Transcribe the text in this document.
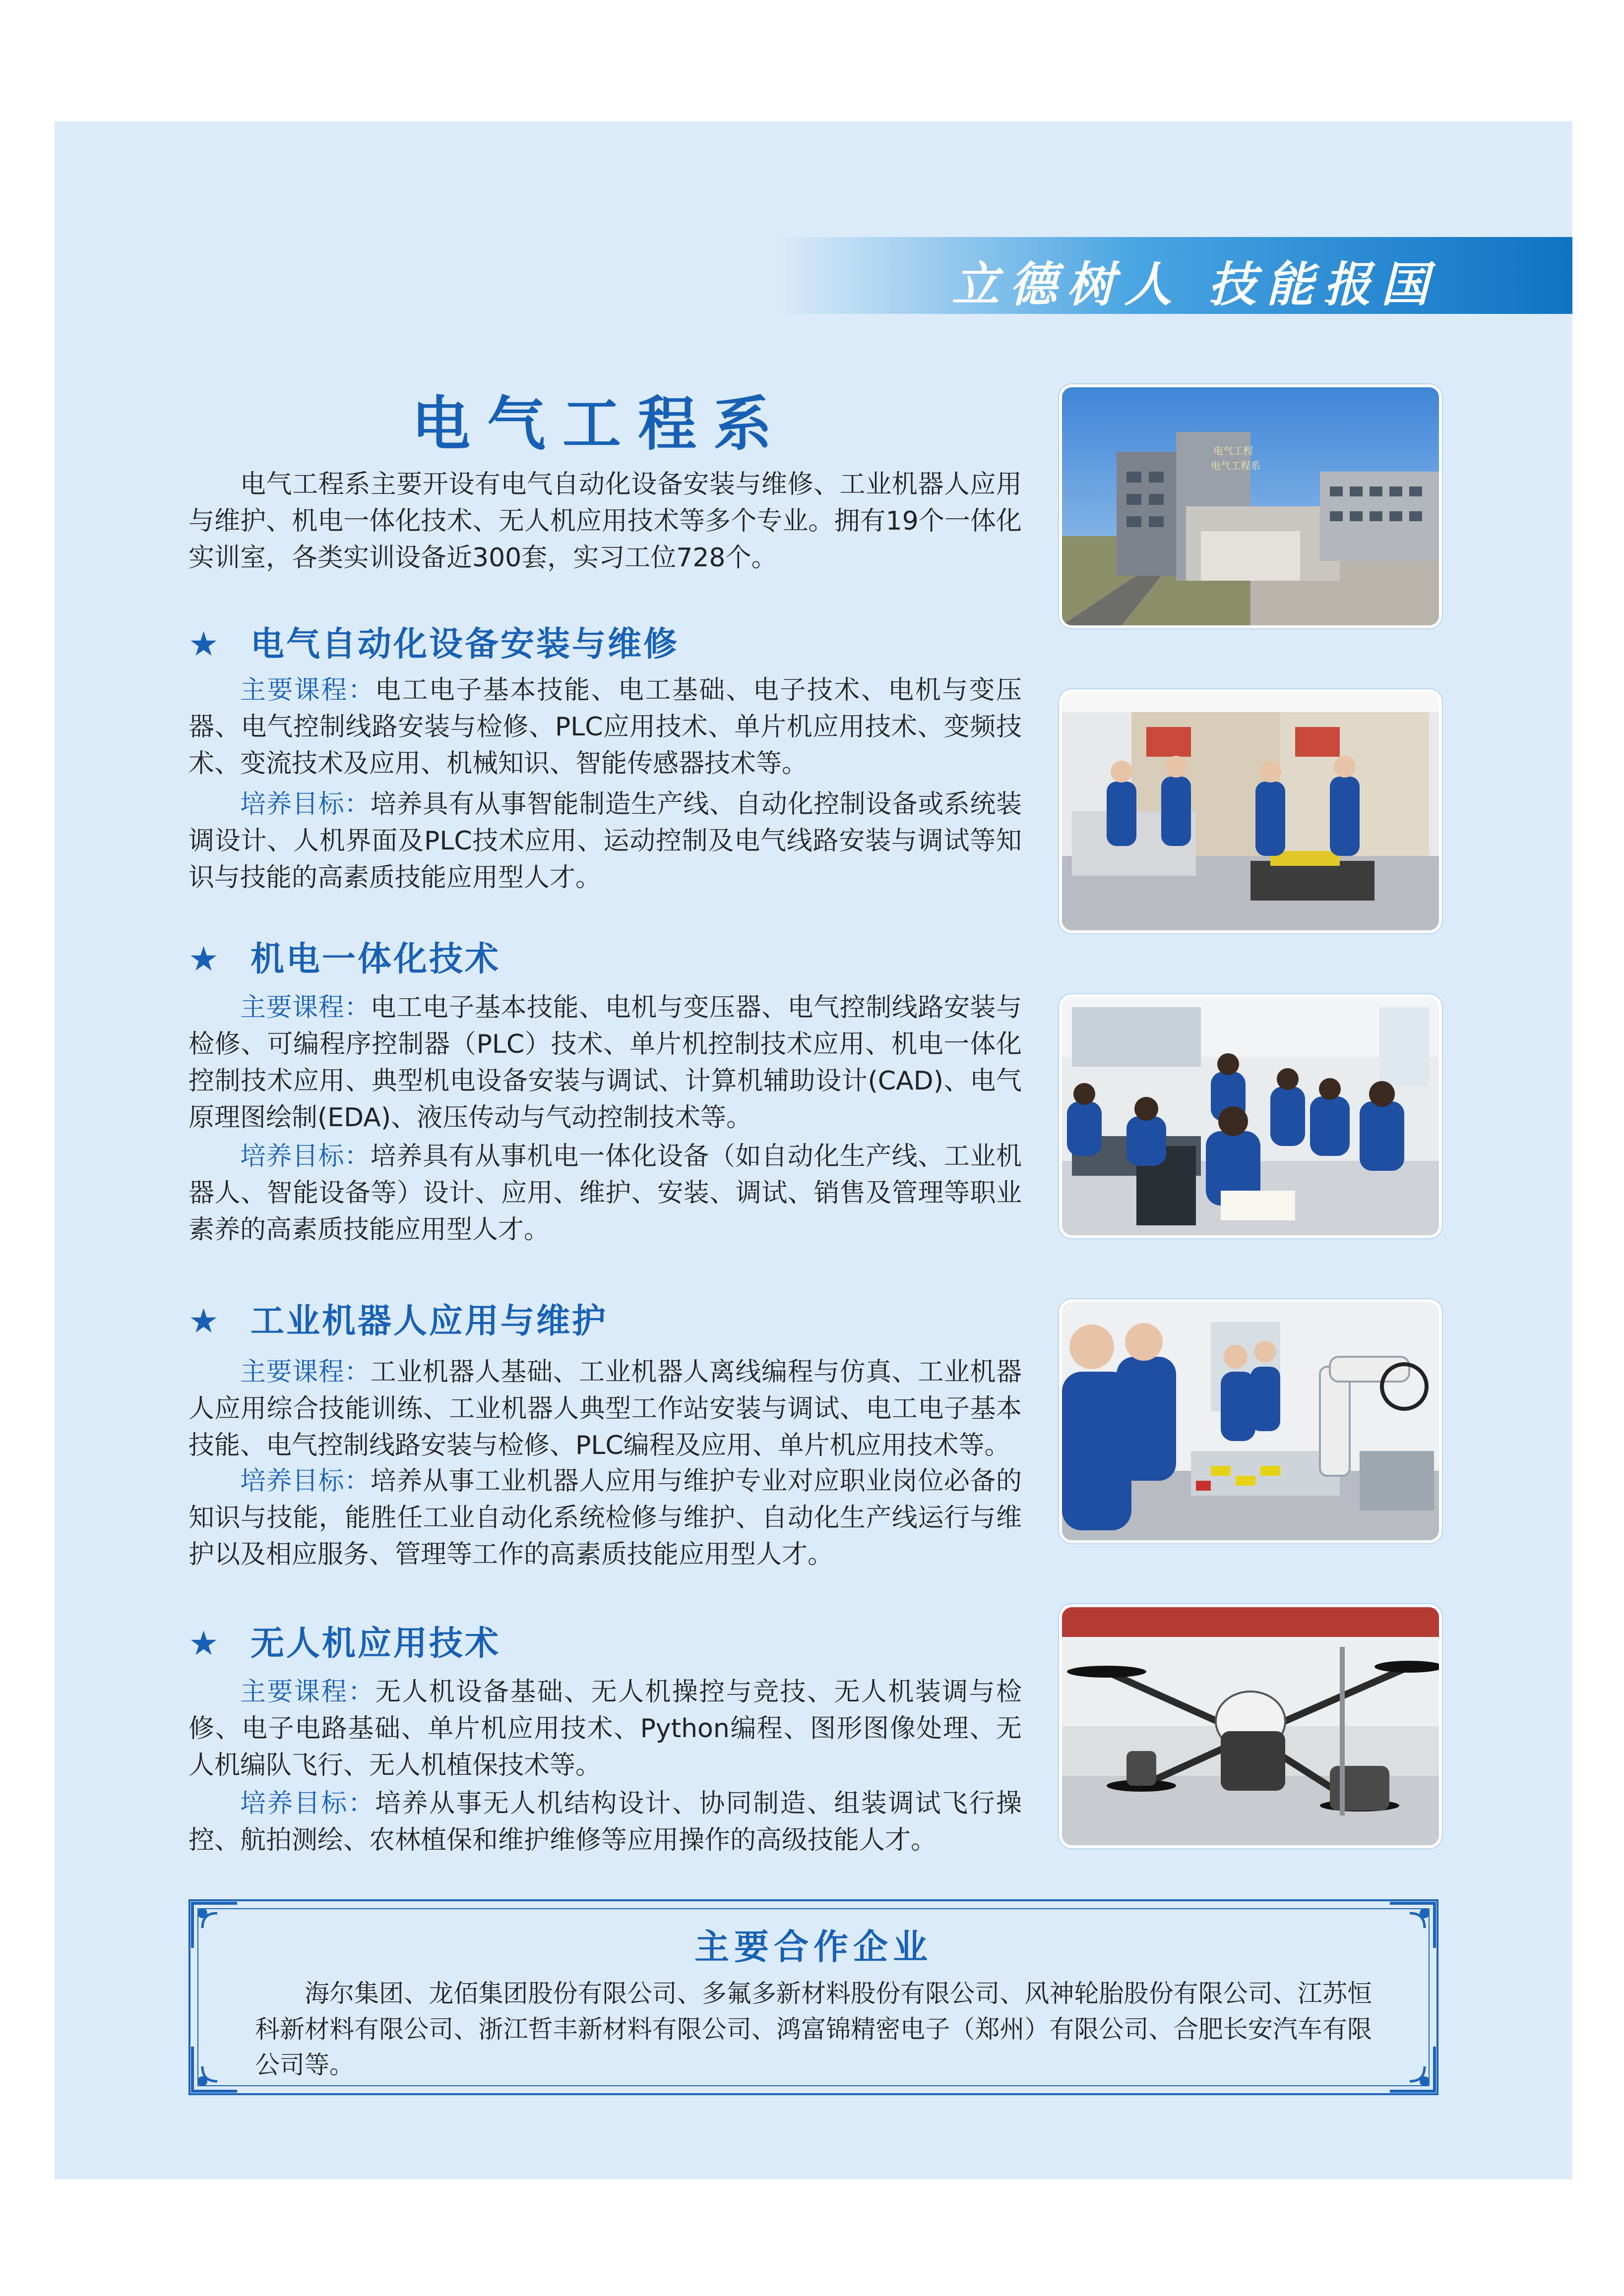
立德树人 技能报国
电气工程系

电气工程系主要开设有电气自动化设备安装与维修、工业机器人应用与维护、机电一体化技术、无人机应用技术等多个专业。拥有19个一体化实训室，各类实训设备近300套，实习工位728个。

★ 电气自动化设备安装与维修

主要课程：电工电子基本技能、电工基础、电子技术、电机与变压器、电气控制线路安装与检修、PLC应用技术、单片机应用技术、变频技术、变流技术及应用、机械知识、智能传感器技术等。

培养目标：培养具有从事智能制造生产线、自动化控制设备或系统装调设计、人机界面及PLC技术应用、运动控制及电气线路安装与调试等知识与技能的高素质技能应用型人才。

★ 机电一体化技术

主要课程：电工电子基本技能、电机与变压器、电气控制线路安装与检修、可编程序控制器（PLC）技术、单片机控制技术应用、机电一体化控制技术应用、典型机电设备安装与调试、计算机辅助设计(CAD)、电气原理图绘制(EDA)、液压传动与气动控制技术等。

培养目标：培养具有从事机电一体化设备（如自动化生产线、工业机器人、智能设备等）设计、应用、维护、安装、调试、销售及管理等职业素养的高素质技能应用型人才。

★ 工业机器人应用与维护

主要课程：工业机器人基础、工业机器人离线编程与仿真、工业机器人应用综合技能训练、工业机器人典型工作站安装与调试、电工电子基本技能、电气控制线路安装与检修、PLC编程及应用、单片机应用技术等。

培养目标：培养从事工业机器人应用与维护专业对应职业岗位必备的知识与技能，能胜任工业自动化系统检修与维护、自动化生产线运行与维护以及相应服务、管理等工作的高素质技能应用型人才。

★ 无人机应用技术

主要课程：无人机设备基础、无人机操控与竞技、无人机装调与检修、电子电路基础、单片机应用技术、Python编程、图形图像处理、无人机编队飞行、无人机植保技术等。

培养目标：培养从事无人机结构设计、协同制造、组装调试飞行操控、航拍测绘、农林植保和维护维修等应用操作的高级技能人才。

电气工程
电气工程系
主要合作企业

海尔集团、龙佰集团股份有限公司、多氟多新材料股份有限公司、风神轮胎股份有限公司、江苏恒科新材料有限公司、浙江哲丰新材料有限公司、鸿富锦精密电子（郑州）有限公司、合肥长安汽车有限公司等。
